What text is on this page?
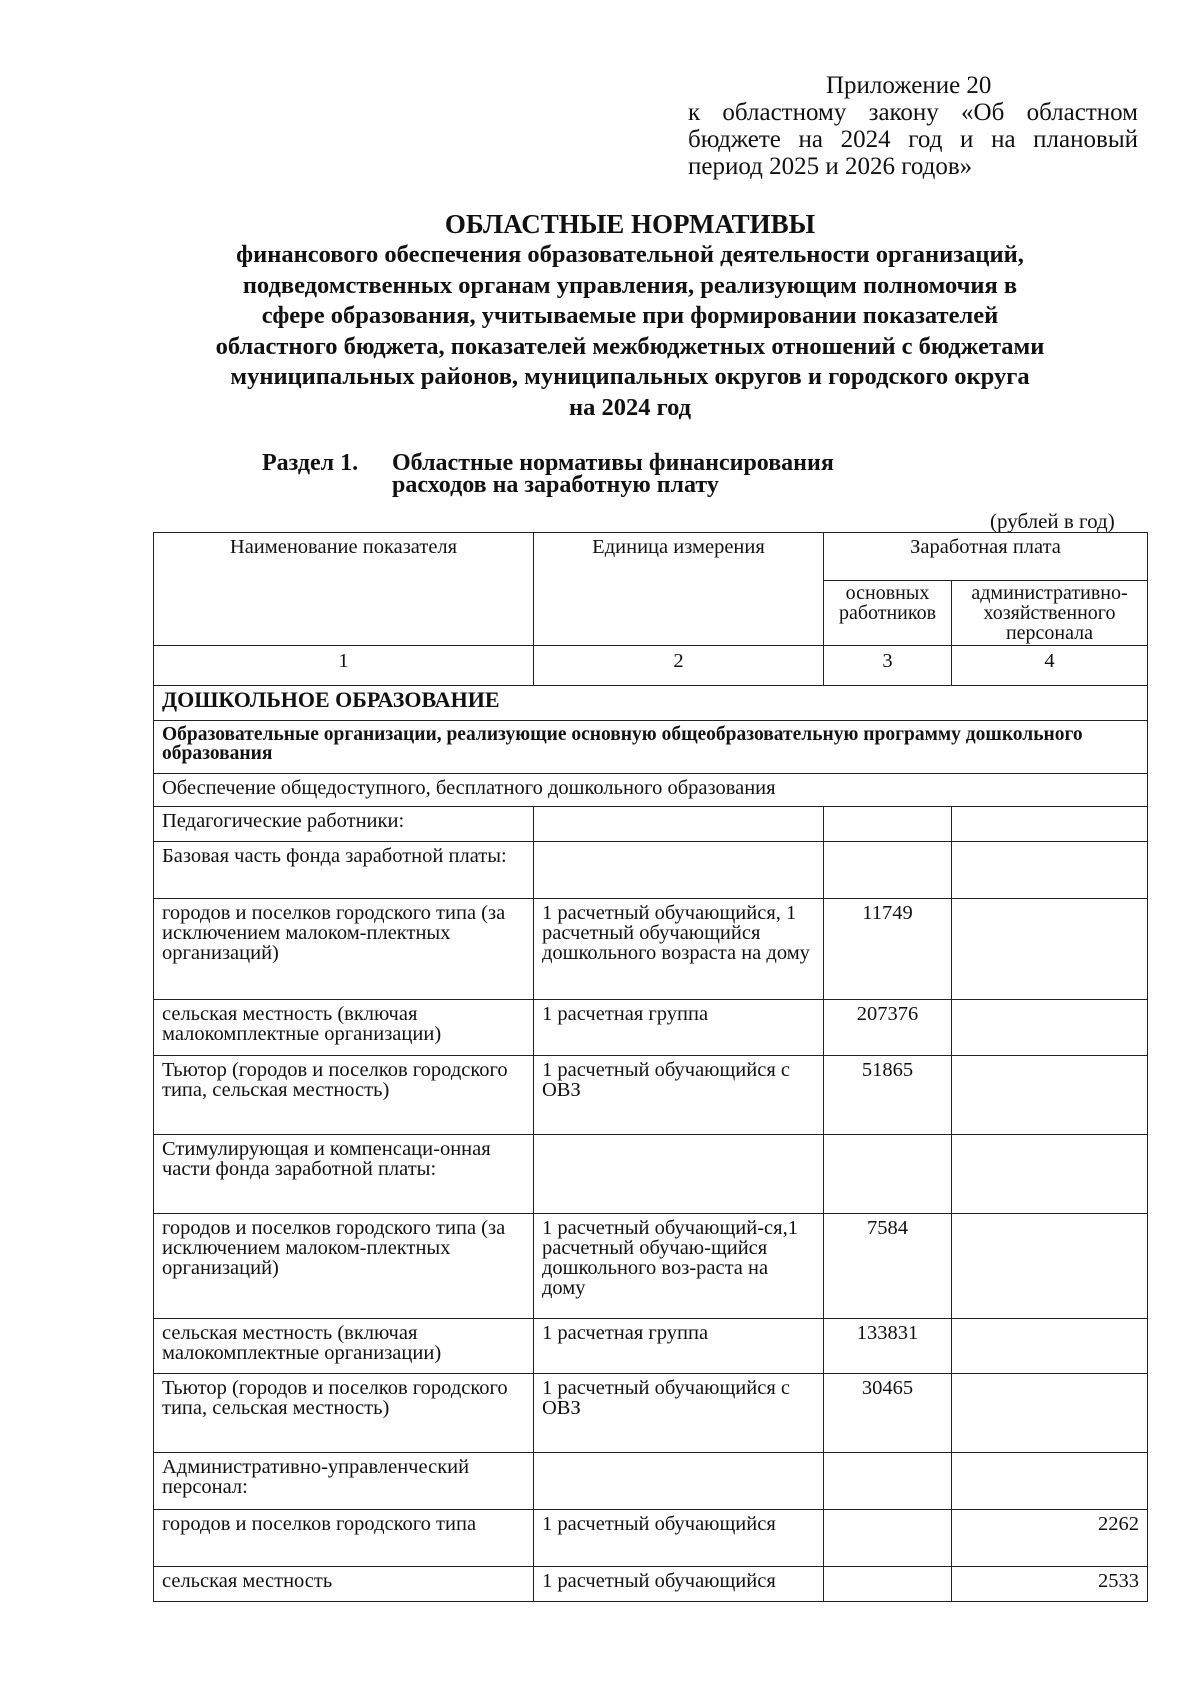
Приложение 20
к областному закону «Об областном бюджете на 2024 год и на плановый период 2025 и 2026 годов»
ОБЛАСТНЫЕ НОРМАТИВЫ
финансового обеспечения образовательной деятельности организаций,
подведомственных органам управления, реализующим полномочия в
сфере образования, учитываемые при формировании показателей
областного бюджета, показателей межбюджетных отношений с бюджетами
муниципальных районов, муниципальных округов и городского округа
на 2024 год
Раздел 1. Областные нормативы финансирования
расходов на заработную плату
(рублей в год)
Наименование показателя	Единица измерения	Заработная плата	
		основных работников	административно-хозяйственного персонала
1	2	3	4
ДОШКОЛЬНОЕ ОБРАЗОВАНИЕ			
Образовательные организации, реализующие основную общеобразовательную программу дошкольного образования			
Обеспечение общедоступного, бесплатного дошкольного образования			
Педагогические работники:			
Базовая часть фонда заработной платы:			
городов и поселков городского типа (за исключением малоком-плектных организаций)	1 расчетный обучающийся, 1 расчетный обучающийся дошкольного возраста на дому	11749	
сельская местность (включая малокомплектные организации)	1 расчетная группа	207376	
Тьютор (городов и поселков городского типа, сельская местность)	1 расчетный обучающийся с ОВЗ	51865	
Стимулирующая и компенсаци-онная части фонда заработной платы:			
городов и поселков городского типа (за исключением малоком-плектных организаций)	1 расчетный обучающий-ся,1 расчетный обучаю-щийся дошкольного воз-раста на дому	7584	
сельская местность (включая малокомплектные организации)	1 расчетная группа	133831	
Тьютор (городов и поселков городского типа, сельская местность)	1 расчетный обучающийся с ОВЗ	30465	
Административно-управленческий персонал:			
городов и поселков городского типа	1 расчетный обучающийся		2262
сельская местность	1 расчетный обучающийся		2533
